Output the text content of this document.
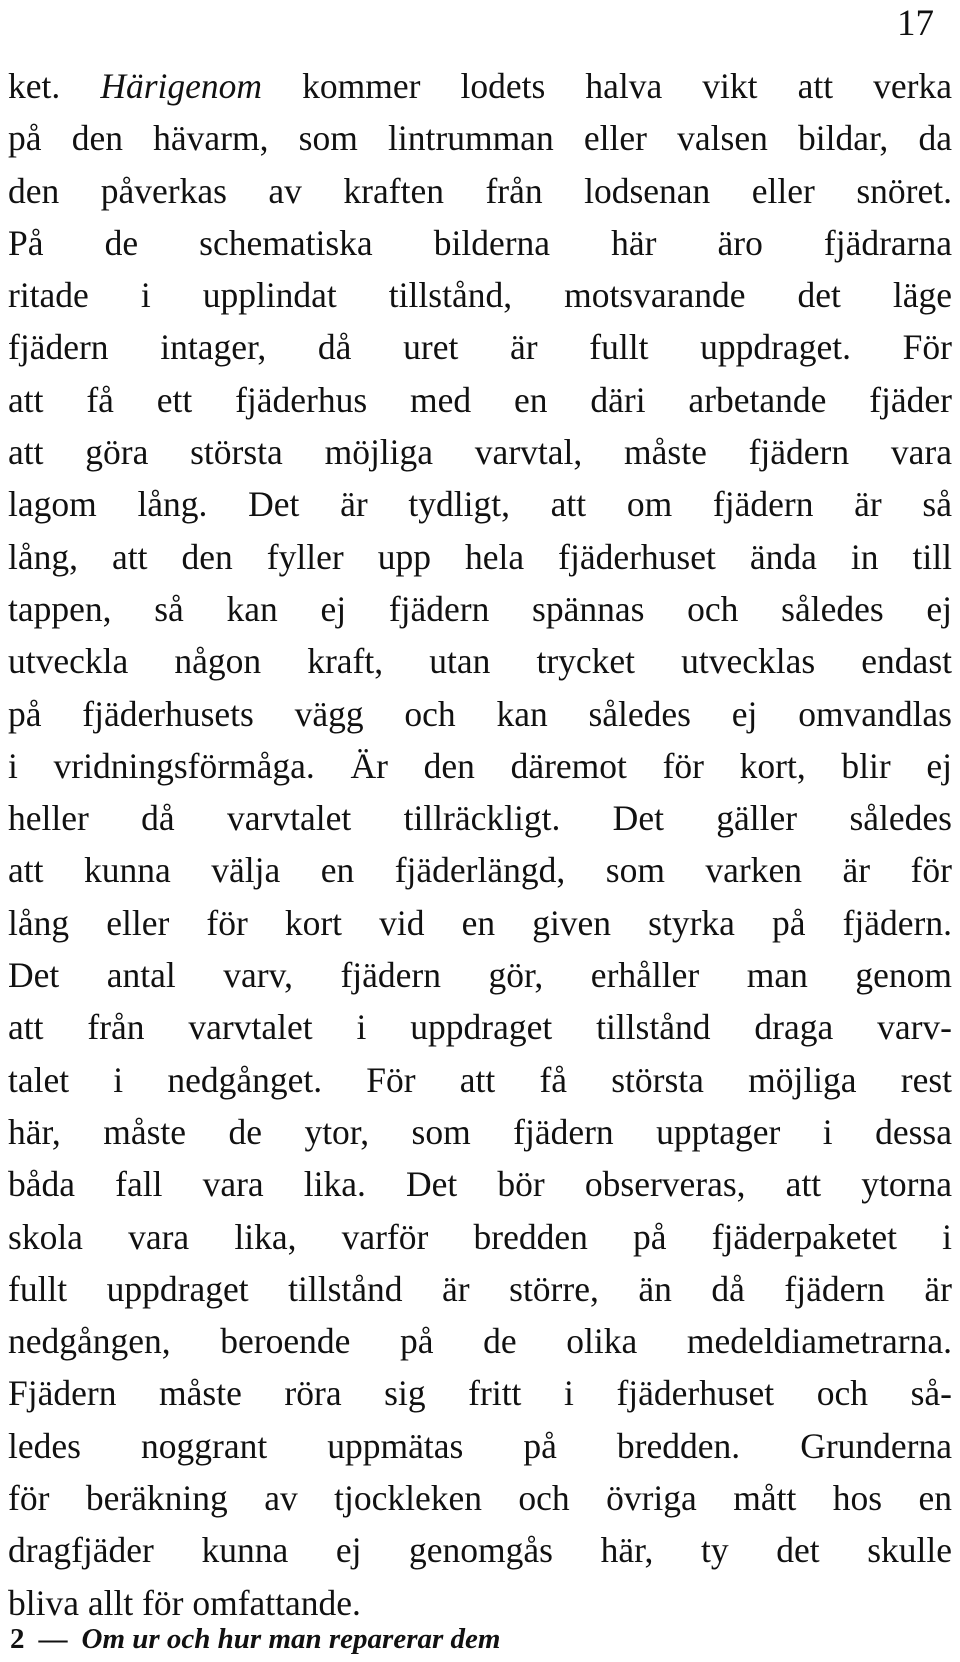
17
ket. Härigenom kommer lodets halva vikt att verka
på den hävarm, som lintrumman eller valsen bildar, da
den påverkas av kraften från lodsenan eller snöret.
På de schematiska bilderna här äro fjädrarna
ritade i upplindat tillstånd, motsvarande det läge
fjädern intager, då uret är fullt uppdraget. För
att få ett fjäderhus med en däri arbetande fjäder
att göra största möjliga varvtal, måste fjädern vara
lagom lång. Det är tydligt, att om fjädern är så
lång, att den fyller upp hela fjäderhuset ända in till
tappen, så kan ej fjädern spännas och således ej
utveckla någon kraft, utan trycket utvecklas endast
på fjäderhusets vägg och kan således ej omvandlas
i vridningsförmåga. Är den däremot för kort, blir ej
heller då varvtalet tillräckligt. Det gäller således
att kunna välja en fjäderlängd, som varken är för
lång eller för kort vid en given styrka på fjädern.
Det antal varv, fjädern gör, erhåller man genom
att från varvtalet i uppdraget tillstånd draga varv-
talet i nedgånget. För att få största möjliga rest
här, måste de ytor, som fjädern upptager i dessa
båda fall vara lika. Det bör observeras, att ytorna
skola vara lika, varför bredden på fjäderpaketet i
fullt uppdraget tillstånd är större, än då fjädern är
nedgången, beroende på de olika medeldiametrarna.
Fjädern måste röra sig fritt i fjäderhuset och så-
ledes noggrant uppmätas på bredden. Grunderna
för beräkning av tjockleken och övriga mått hos en
dragfjäder kunna ej genomgås här, ty det skulle
bliva allt för omfattande.
2 — Om ur och hur man reparerar dem
